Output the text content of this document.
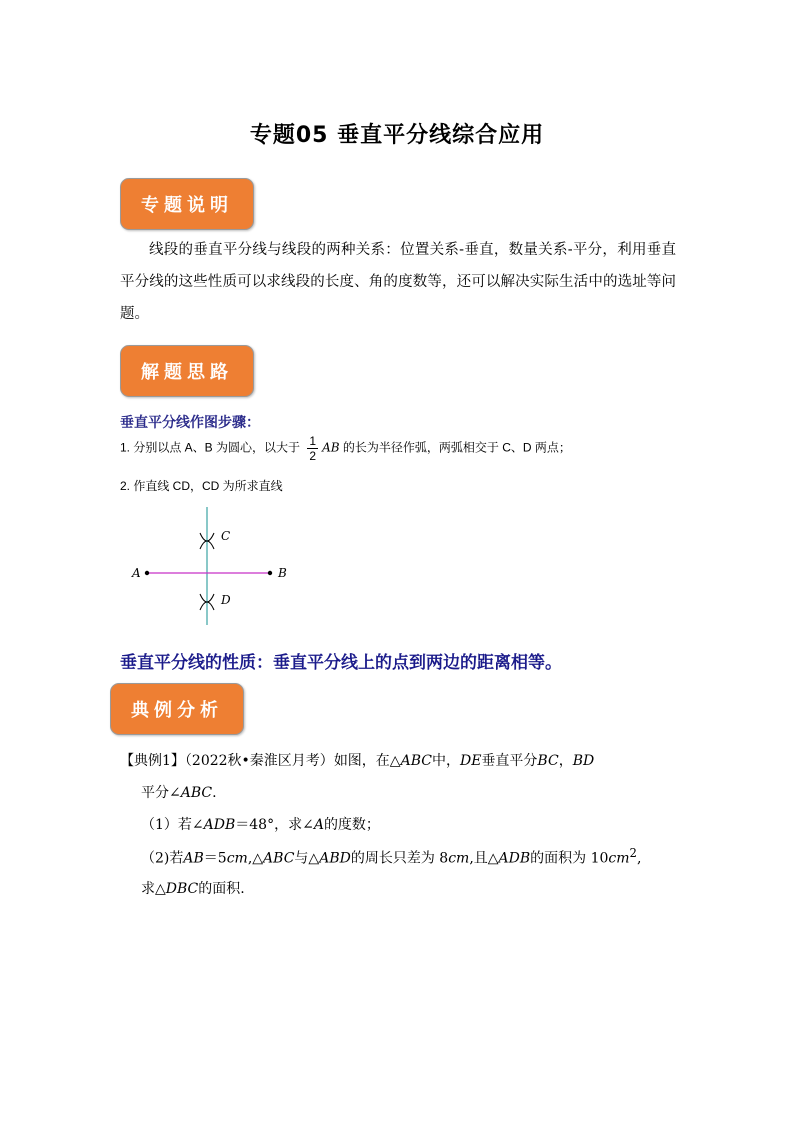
专题05 垂直平分线综合应用
专题说明
线段的垂直平分线与线段的两种关系：位置关系-垂直，数量关系-平分，利用垂直平分线的这些性质可以求线段的长度、角的度数等，还可以解决实际生活中的选址等问题。
解题思路
垂直平分线作图步骤：
1. 分别以点 A、B 为圆心，以大于 $\frac{1}{2}$ AB 的长为半径作弧，两弧相交于 C、D 两点；
2. 作直线 CD，CD 为所求直线
A	B
C
D
垂直平分线的性质：垂直平分线上的点到两边的距离相等。
典例分析
【典例1】（2022秋•秦淮区月考）如图，在△ABC中，DE垂直平分BC，BD
平分∠ABC.
（1）若∠ADB＝48°，求∠A的度数；
（2)若AB＝5cm,△ABC与△ABD的周长只差为 8cm,且△ADB的面积为 $10cm^2$,
求△DBC的面积.
